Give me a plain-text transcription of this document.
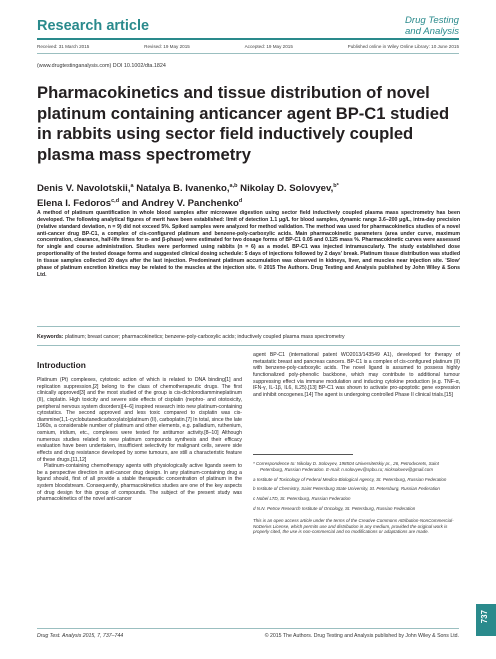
Research article	Drug Testing
and Analysis
Received: 31 March 2015	Revised: 19 May 2015	Accepted: 19 May 2015	Published online in Wiley Online Library: 10 June 2015
(www.drugtestinganalysis.com) DOI 10.1002/dta.1824
Pharmacokinetics and tissue distribution of novel platinum containing anticancer agent BP-C1 studied in rabbits using sector field inductively coupled plasma mass spectrometry
Denis V. Navolotskii,$^a$ Natalya B. Ivanenko,$^{a,b}$ Nikolay D. Solovyev,$^{b*}$
Elena I. Fedoros$^{c,d}$ and Andrey V. Panchenko$^d$

A method of platinum quantification in whole blood samples after microwave digestion using sector field inductively coupled plasma mass spectrometry has been developed. The following analytical figures of merit have been established: limit of detection 1.1 μg/L for blood samples, dynamic range 3.6–200 μg/L, intra-day precision (relative standard deviation, n = 9) did not exceed 5%. Spiked samples were analyzed for method validation. The method was used for pharmacokinetics studies of a novel anti-cancer drug BP-C1, a complex of cis-configured platinum and benzene-poly-carboxylic acids. Main pharmacokinetic parameters (area under curve, maximum concentration, clearance, half-life times for α- and β-phase) were estimated for two dosage forms of BP-C1 0.05 and 0.125 mass %. Pharmacokinetic curves were assessed for single and course administration. Studies were performed using rabbits (n = 6) as a model. BP-C1 was injected intramuscularly. The study established dose proportionality of the tested dosage forms and suggested clinical dosing schedule: 5 days of injections followed by 2 days' break. Platinum tissue distribution was studied in tissue samples collected 20 days after the last injection. Predominant platinum accumulation was observed in kidneys, liver, and muscles near injection site. 'Slow' phase of platinum excretion kinetics may be related to the muscles at the injection site. © 2015 The Authors. Drug Testing and Analysis published by John Wiley & Sons Ltd.

Keywords: platinum; breast cancer; pharmacokinetics; benzene-poly-carboxylic acids; inductively coupled plasma mass spectrometry
Introduction

Platinum (Pt) complexes, cytotoxic action of which is related to DNA binding[1] and replication suppression,[2] belong to the class of chemotherapeutic drugs. The first clinically approved[3] and the most studied of the group is cis-dichlorodiammineplatinum (II), cisplatin. High toxicity and severe side effects of cisplatin (nephro- and ototoxicity, peripheral nervous system disorders)[4–6] inspired research into new platinum-containing cytostatics. The second approved and less toxic compared to cisplatin was cis-diammine(1,1-cyclobutanedicarboxylato)platinum (II), carboplatin.[7] In total, since the late 1960s, a considerable number of platinum and other elements, e.g. palladium, ruthenium, osmium, iridium, etc., complexes were tested for antitumor activity.[8–10] Although numerous studies related to new platinum compounds synthesis and their efficacy evaluation have been undertaken, insufficient selectivity for malignant cells, severe side effects and drug resistance developed by some tumours, are still a characteristic feature of these drugs.[11,12]

Platinum-containing chemotherapy agents with physiologically active ligands seem to be a perspective direction in anti-cancer drug design. In any platinum-containing drug a ligand should, first of all provide a stable therapeutic concentration of platinum in the system bloodstream. Consequently, pharmacokinetics studies are one of the key aspects of drug design for this group of compounds. The subject of the present study was pharmacokinetics of the novel anti-cancer

agent BP-C1 (international patent WO2013/143549 A1), developed for therapy of metastatic breast and pancreas cancers. BP-C1 is a complex of cis-configured platinum (II) with benzene-poly-carboxylic acids. The novel ligand is assumed to possess highly functionalized poly-phenolic backbone, which may contribute to additional tumour suppressing effect via immune modulation and inducing cytokine production (e.g. TNF-α, IFN-γ, IL-1β, IL6, IL25).[13] BP-C1 was shown to activate pro-apoptotic gene expression and inhibit oncogenes.[14] The agent is undergoing controlled Phase II clinical trials.[15]

* Correspondence to: Nikolay D. Solovyev, 198504 Universitetskiy pr., 26, Petrodvorets, Saint Petersburg, Russian Federation. E-mail: n.solovyev@spbu.ru; nicksolovev@gmail.com

a Institute of Toxicology of Federal Medico-Biological Agency, St. Petersburg, Russian Federation

b Institute of Chemistry, Saint Petersburg State University, St. Petersburg, Russian Federation

c Nobel LTD, St. Petersburg, Russian Federation

d N.N. Petrov Research Institute of Oncology, St. Petersburg, Russian Federation

This is an open access article under the terms of the Creative Commons Attribution-NonCommercial-NoDerivs License, which permits use and distribution in any medium, provided the original work is properly cited, the use is non-commercial and no modifications or adaptations are made.

737
Drug Test. Analysis 2015, 7, 737–744	© 2015 The Authors. Drug Testing and Analysis published by John Wiley & Sons Ltd.
